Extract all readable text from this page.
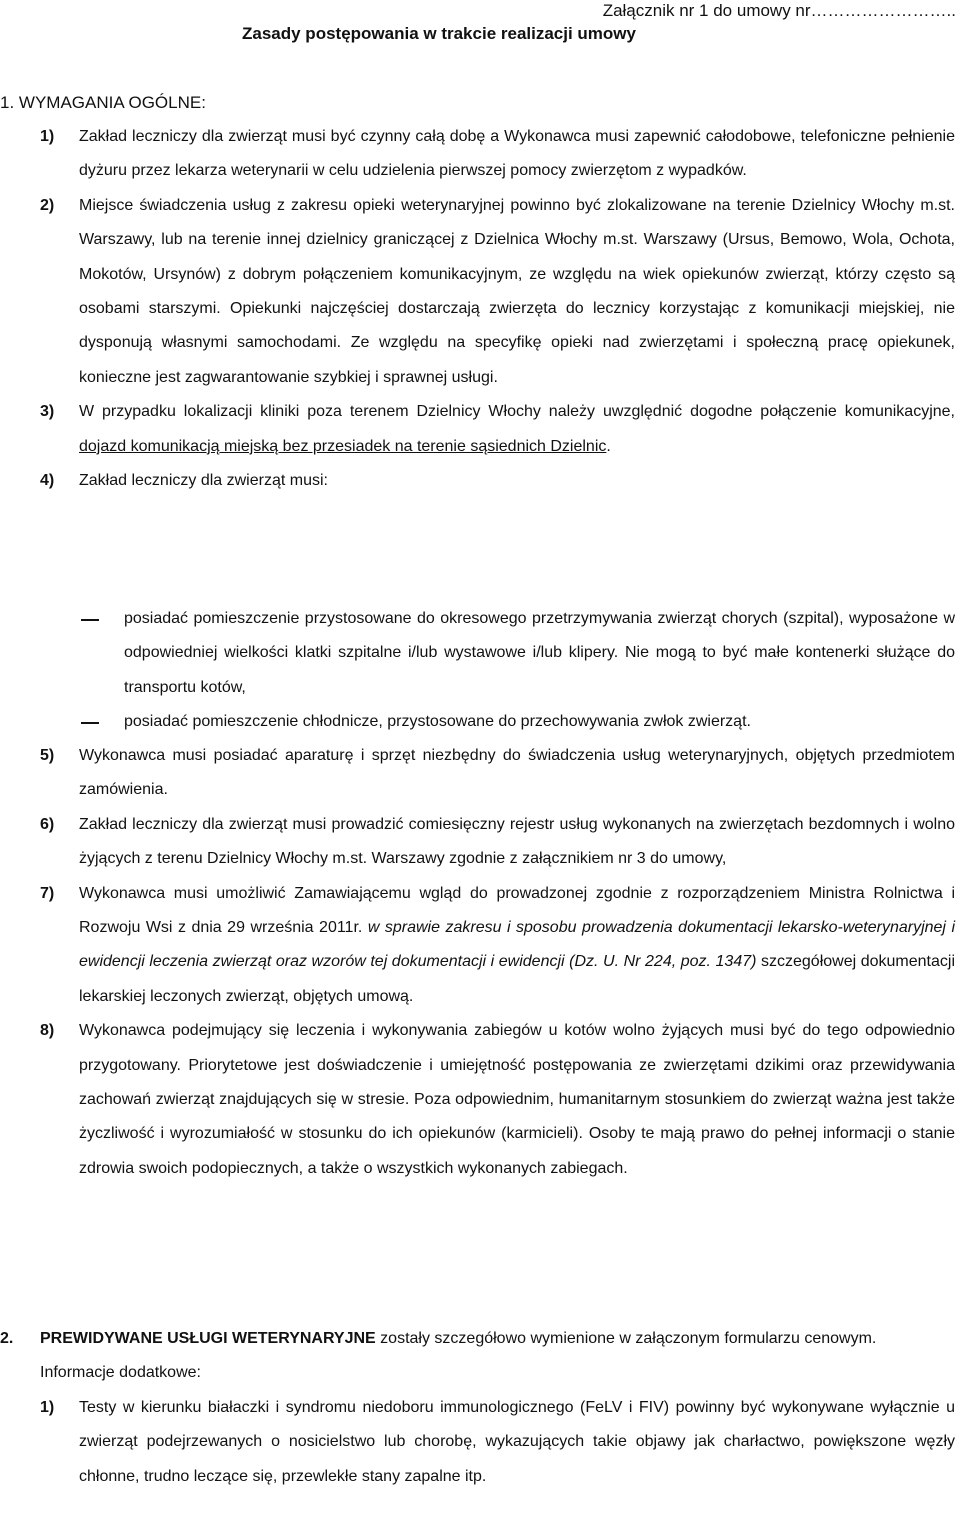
Załącznik nr 1 do umowy nr……………………..
Zasady postępowania w trakcie realizacji umowy
1. WYMAGANIA OGÓLNE:

1) Zakład leczniczy dla zwierząt musi być czynny całą dobę a Wykonawca musi zapewnić całodobowe, telefoniczne pełnienie dyżuru przez lekarza weterynarii w celu udzielenia pierwszej pomocy zwierzętom z wypadków.

2) Miejsce świadczenia usług z zakresu opieki weterynaryjnej powinno być zlokalizowane na terenie Dzielnicy Włochy m.st. Warszawy, lub na terenie innej dzielnicy graniczącej z Dzielnica Włochy m.st. Warszawy (Ursus, Bemowo, Wola, Ochota, Mokotów, Ursynów) z dobrym połączeniem komunikacyjnym, ze względu na wiek opiekunów zwierząt, którzy często są osobami starszymi. Opiekunki najczęściej dostarczają zwierzęta do lecznicy korzystając z komunikacji miejskiej, nie dysponują własnymi samochodami. Ze względu na specyfikę opieki nad zwierzętami i społeczną pracę opiekunek, konieczne jest zagwarantowanie szybkiej i sprawnej usługi.

3) W przypadku lokalizacji kliniki poza terenem Dzielnicy Włochy należy uwzględnić dogodne połączenie komunikacyjne, dojazd komunikacją miejską bez przesiadek na terenie sąsiednich Dzielnic.

4) Zakład leczniczy dla zwierząt musi:

posiadać pomieszczenie przystosowane do okresowego przetrzymywania zwierząt chorych (szpital), wyposażone w odpowiedniej wielkości klatki szpitalne i/lub wystawowe i/lub klipery. Nie mogą to być małe kontenerki służące do transportu kotów,
posiadać pomieszczenie chłodnicze, przystosowane do przechowywania zwłok zwierząt.

5) Wykonawca musi posiadać aparaturę i sprzęt niezbędny do świadczenia usług weterynaryjnych, objętych przedmiotem zamówienia.

6) Zakład leczniczy dla zwierząt musi prowadzić comiesięczny rejestr usług wykonanych na zwierzętach bezdomnych i wolno żyjących z terenu Dzielnicy Włochy m.st. Warszawy zgodnie z załącznikiem nr 3 do umowy,

7) Wykonawca musi umożliwić Zamawiającemu wgląd do prowadzonej zgodnie z rozporządzeniem Ministra Rolnictwa i Rozwoju Wsi z dnia 29 września 2011r. w sprawie zakresu i sposobu prowadzenia dokumentacji lekarsko-weterynaryjnej i ewidencji leczenia zwierząt oraz wzorów tej dokumentacji i ewidencji (Dz. U. Nr 224, poz. 1347) szczegółowej dokumentacji lekarskiej leczonych zwierząt, objętych umową.

8) Wykonawca podejmujący się leczenia i wykonywania zabiegów u kotów wolno żyjących musi być do tego odpowiednio przygotowany. Priorytetowe jest doświadczenie i umiejętność postępowania ze zwierzętami dzikimi oraz przewidywania zachowań zwierząt znajdujących się w stresie. Poza odpowiednim, humanitarnym stosunkiem do zwierząt ważna jest także życzliwość i wyrozumiałość w stosunku do ich opiekunów (karmicieli). Osoby te mają prawo do pełnej informacji o stanie zdrowia swoich podopiecznych, a także o wszystkich wykonanych zabiegach.

2.	PREWIDYWANE USŁUGI WETERYNARYJNE zostały szczegółowo wymienione w załączonym formularzu cenowym.

Informacje dodatkowe:

1) Testy w kierunku białaczki i syndromu niedoboru immunologicznego (FeLV i FIV) powinny być wykonywane wyłącznie u zwierząt podejrzewanych o nosicielstwo lub chorobę, wykazujących takie objawy jak charłactwo, powiększone węzły chłonne, trudno leczące się, przewlekłe stany zapalne itp.
